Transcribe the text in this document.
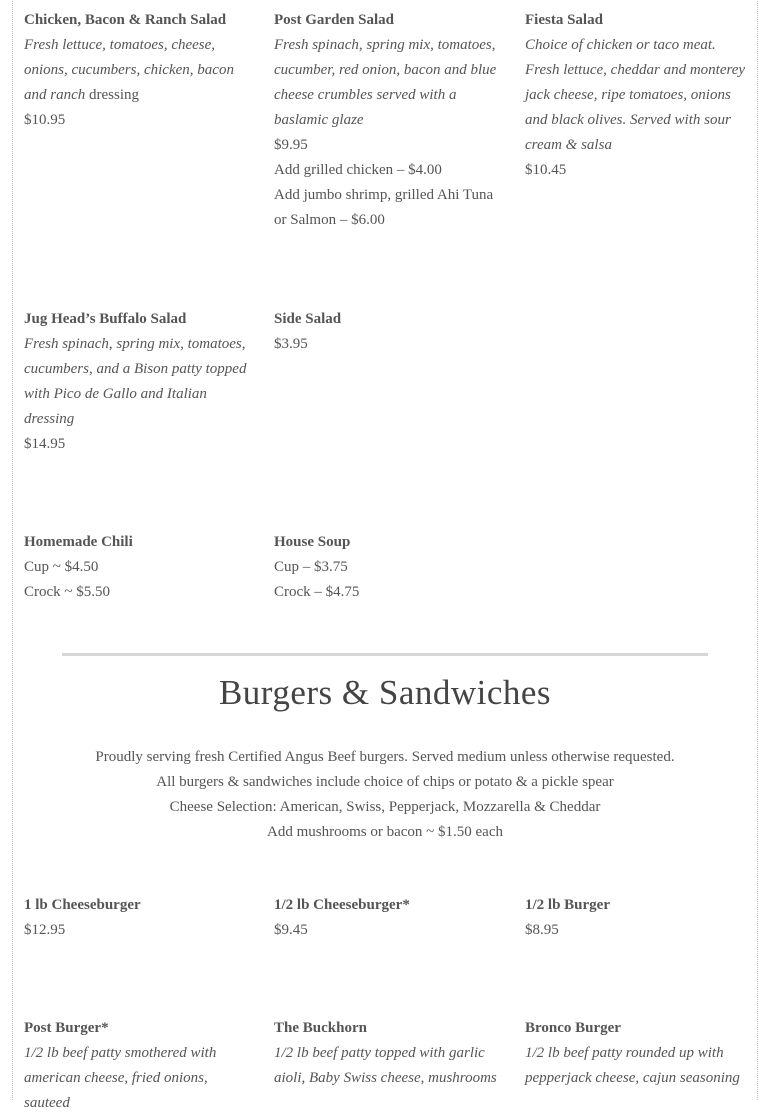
Chicken, Bacon & Ranch Salad
Fresh lettuce, tomatoes, cheese, onions, cucumbers, chicken, bacon and ranch dressing
$10.95
Post Garden Salad
Fresh spinach, spring mix, tomatoes, cucumber, red onion, bacon and blue cheese crumbles served with a baslamic glaze
$9.95
Add grilled chicken – $4.00
Add jumbo shrimp, grilled Ahi Tuna or Salmon – $6.00
Fiesta Salad
Choice of chicken or taco meat. Fresh lettuce, cheddar and monterey jack cheese, ripe tomatoes, onions and black olives. Served with sour cream & salsa
$10.45
Jug Head’s Buffalo Salad
Fresh spinach, spring mix, tomatoes, cucumbers, and a Bison patty topped with Pico de Gallo and Italian dressing
$14.95
Side Salad
$3.95
Homemade Chili
Cup ~ $4.50
Crock ~ $5.50
House Soup
Cup – $3.75
Crock – $4.75
Burgers & Sandwiches
Proudly serving fresh Certified Angus Beef burgers. Served medium unless otherwise requested.
All burgers & sandwiches include choice of chips or potato & a pickle spear
Cheese Selection: American, Swiss, Pepperjack, Mozzarella & Cheddar
Add mushrooms or bacon ~ $1.50 each
1 lb Cheeseburger
$12.95
1/2 lb Cheeseburger*
$9.45
1/2 lb Burger
$8.95
Post Burger*
1/2 lb beef patty smothered with american cheese, fried onions, sauteed
The Buckhorn
1/2 lb beef patty topped with garlic aioli, Baby Swiss cheese, mushrooms
Bronco Burger
1/2 lb beef patty rounded up with pepperjack cheese, cajun seasoning
